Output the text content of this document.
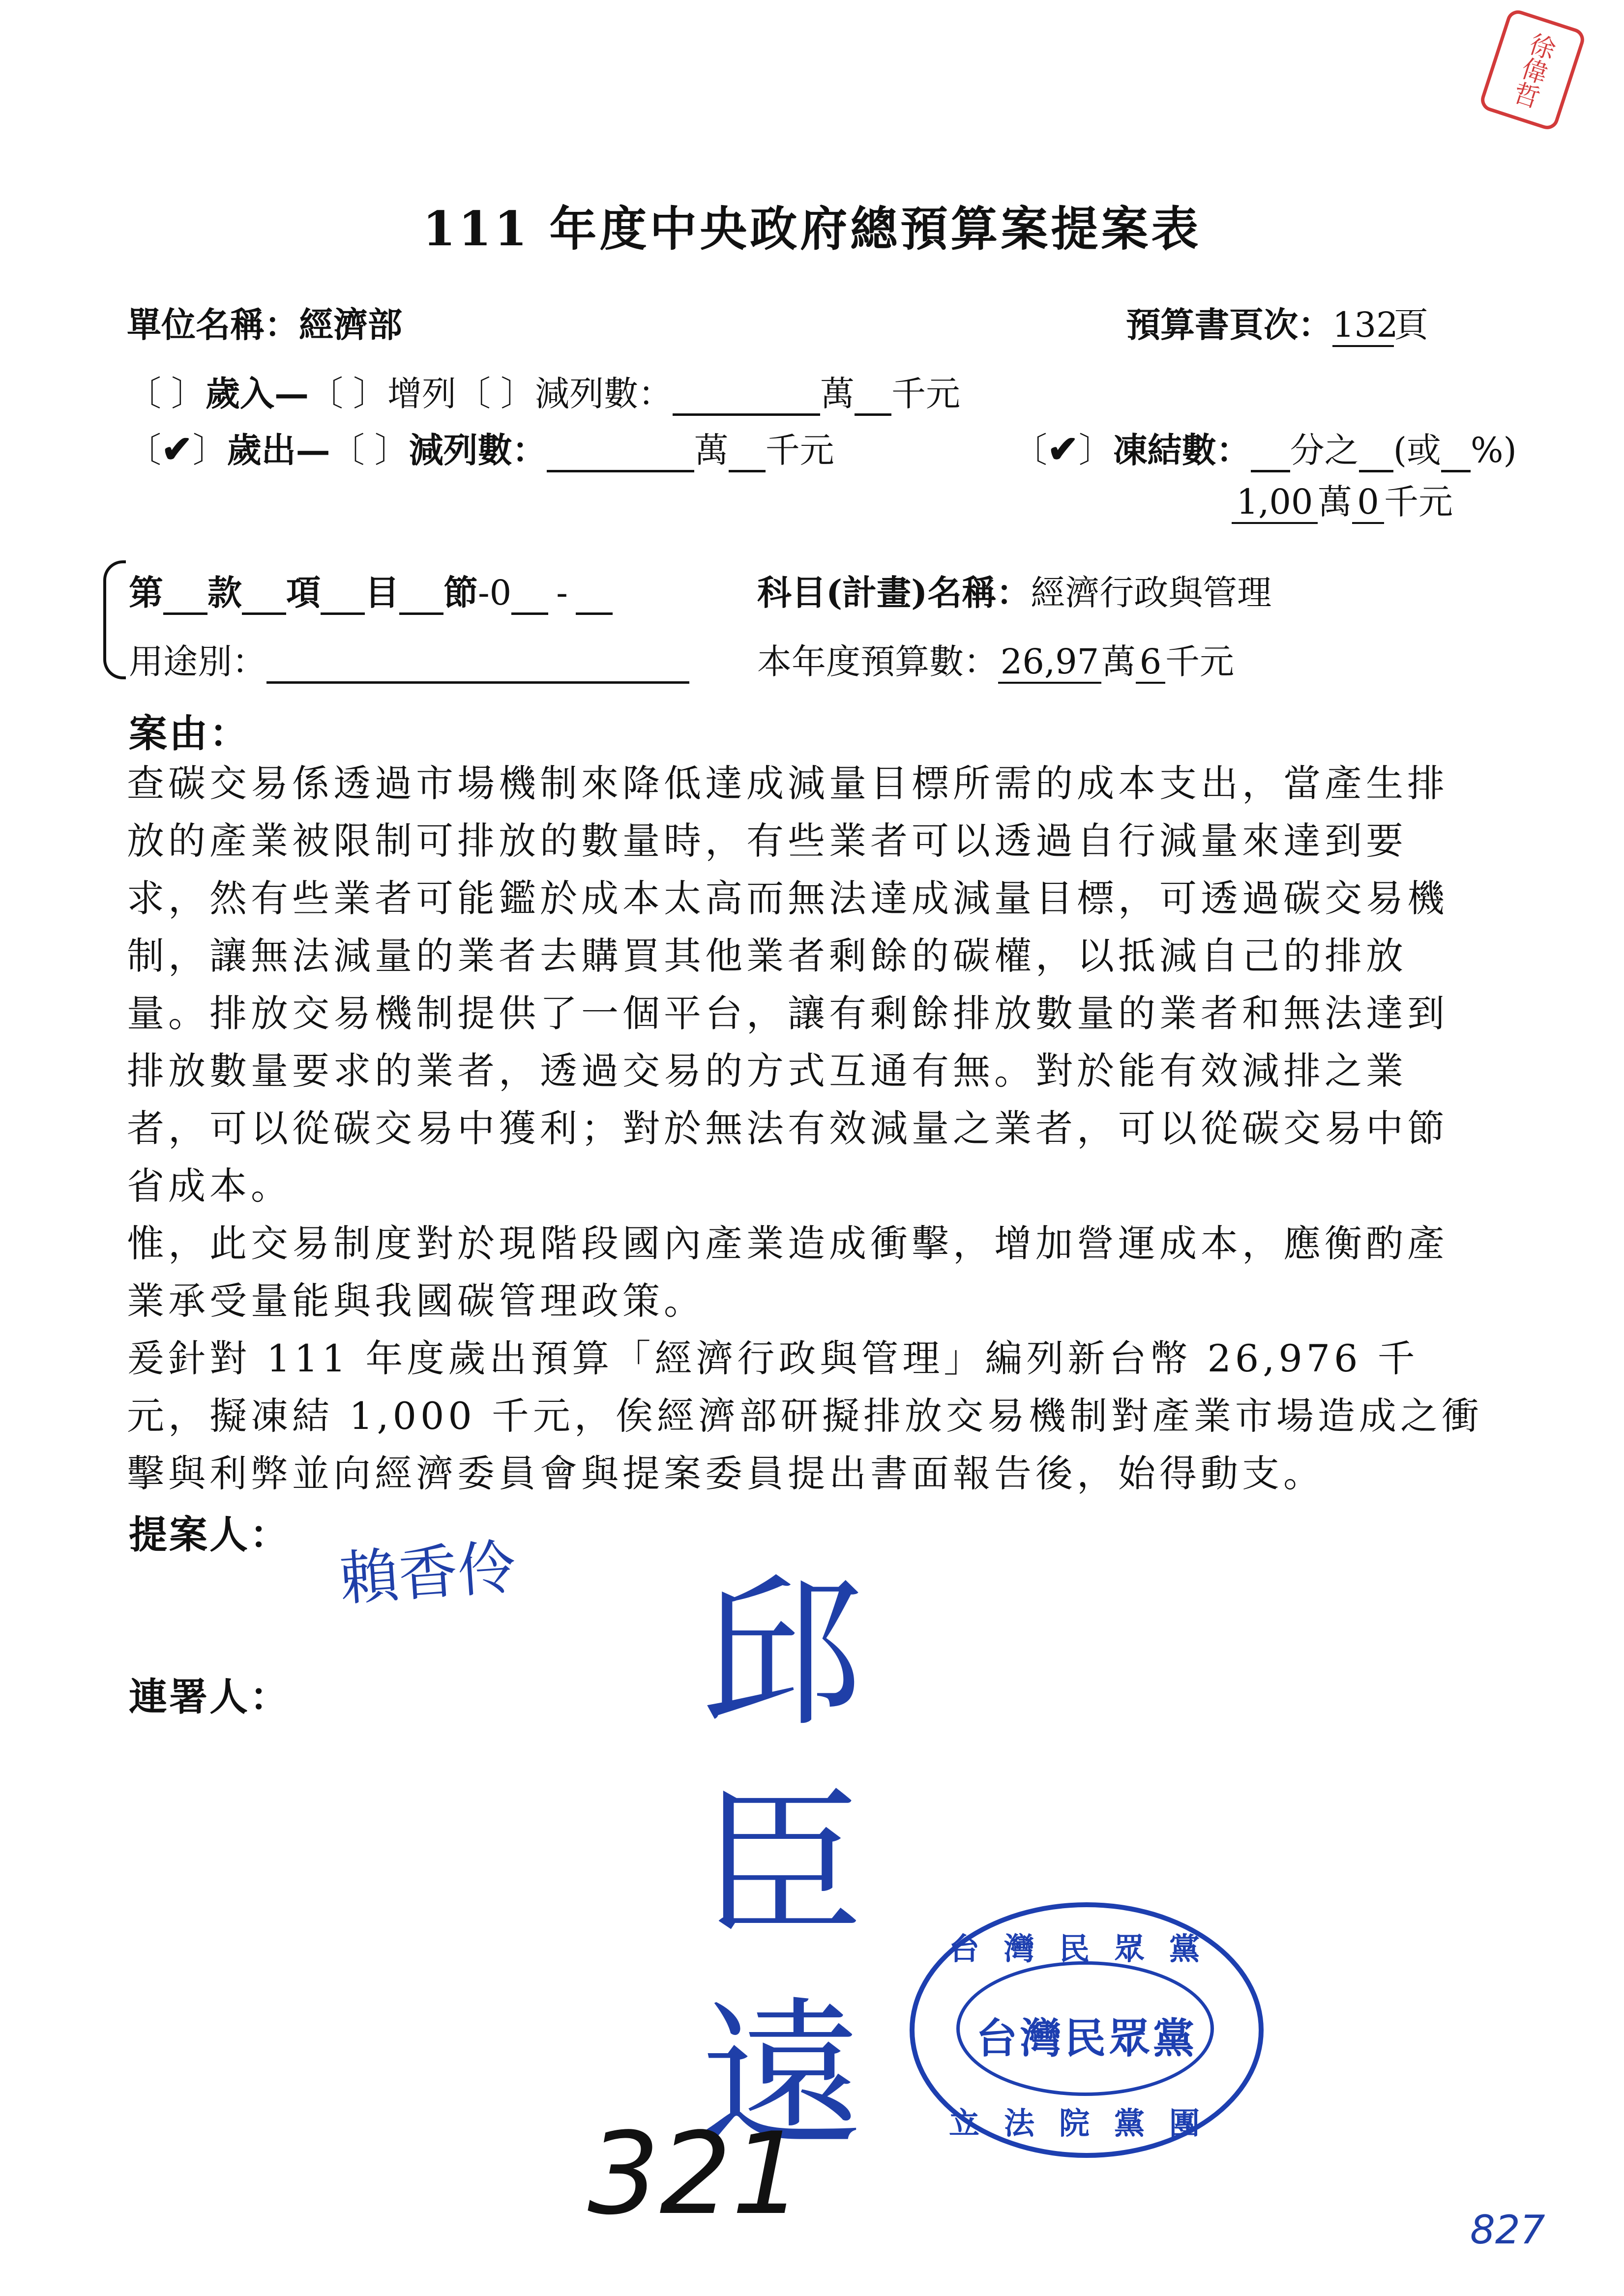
徐偉哲
111 年度中央政府總預算案提案表
單位名稱：經濟部	預算書頁次：132頁
〔 〕歲入—〔 〕增列〔 〕減列數：	萬 千元
〔✔〕歲出—〔 〕減列數：	萬 千元	〔✔〕凍結數： 分之 (或 %)
1,00 萬 0 千元
第 款 項 目 節-0 -	科目(計畫)名稱：經濟行政與管理
用途別：	本年度預算數：26,97萬 6 千元
案由：

查碳交易係透過市場機制來降低達成減量目標所需的成本支出，當產生排放的產業被限制可排放的數量時，有些業者可以透過自行減量來達到要求，然有些業者可能鑑於成本太高而無法達成減量目標，可透過碳交易機制，讓無法減量的業者去購買其他業者剩餘的碳權，以抵減自己的排放量。排放交易機制提供了一個平台，讓有剩餘排放數量的業者和無法達到排放數量要求的業者，透過交易的方式互通有無。對於能有效減排之業者，可以從碳交易中獲利；對於無法有效減量之業者，可以從碳交易中節省成本。

惟，此交易制度對於現階段國內產業造成衝擊，增加營運成本，應衡酌產業承受量能與我國碳管理政策。

爰針對 111 年度歲出預算「經濟行政與管理」編列新台幣 26,976 千元，擬凍結 1,000 千元，俟經濟部研擬排放交易機制對產業市場造成之衝擊與利弊並向經濟委員會與提案委員提出書面報告後，始得動支。

提案人： 賴香伶
連署人：	邱臣遠
台灣民眾黨
台灣民眾黨
立法院黨團
321	827
